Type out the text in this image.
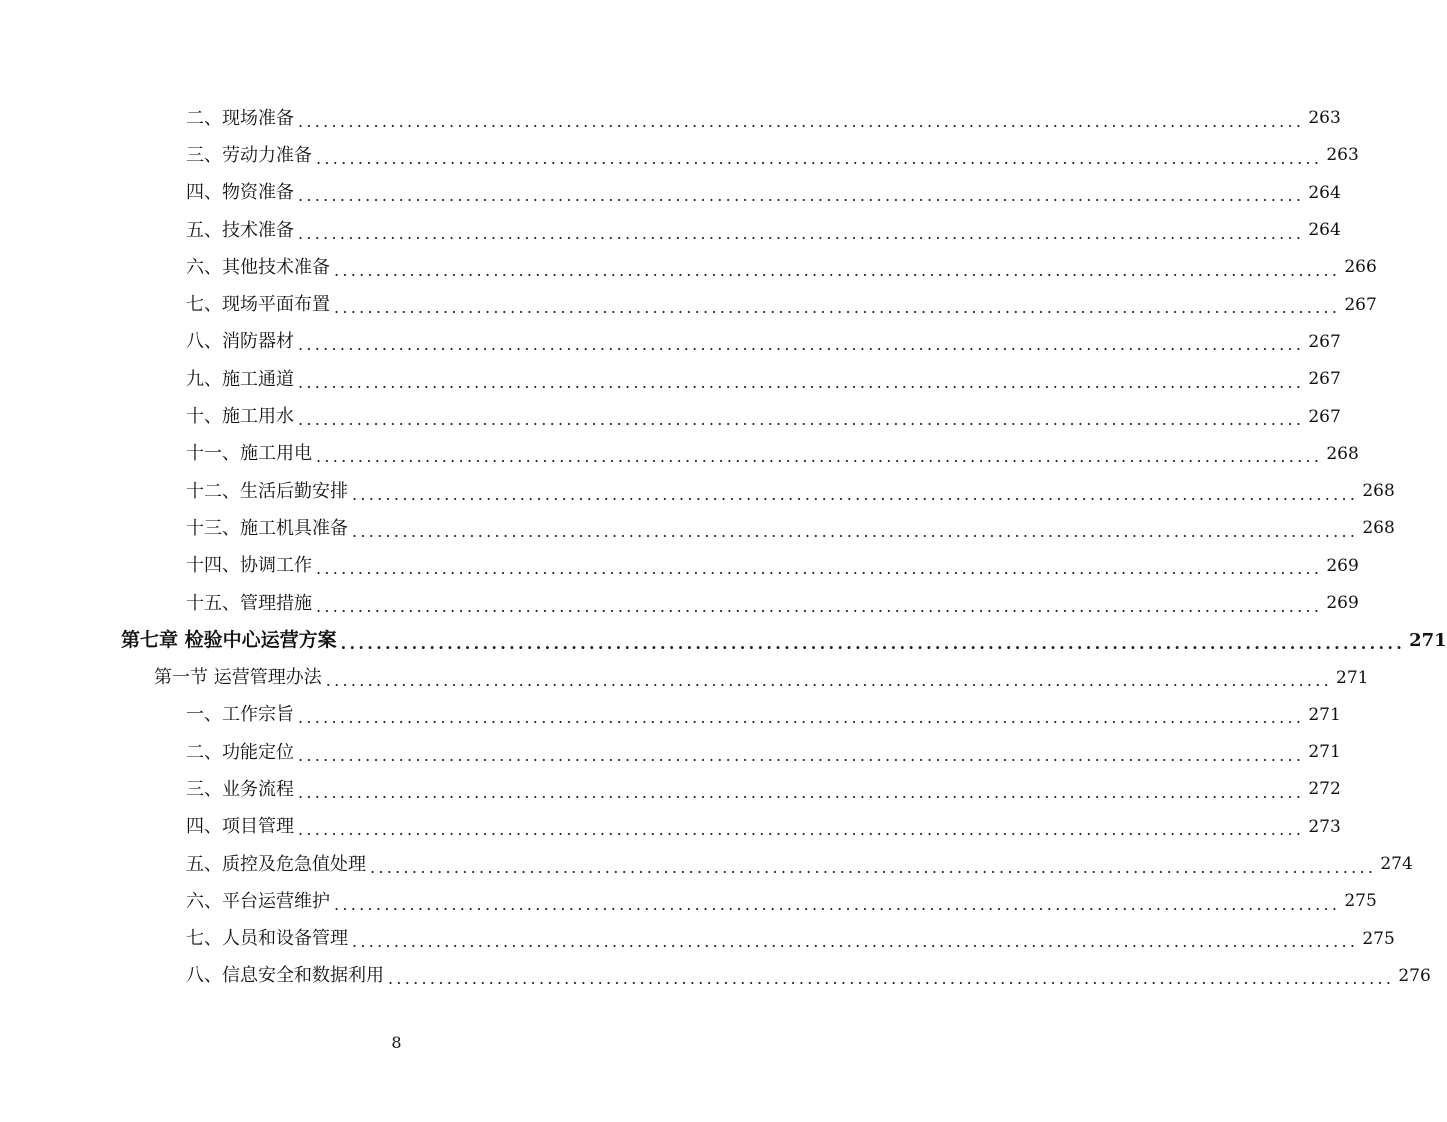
二、现场准备 ........................................................................................................................ 263
三、劳动力准备 ........................................................................................................................ 263
四、物资准备 ........................................................................................................................ 264
五、技术准备 ........................................................................................................................ 264
六、其他技术准备 ........................................................................................................................ 266
七、现场平面布置 ........................................................................................................................ 267
八、消防器材 ........................................................................................................................ 267
九、施工通道 ........................................................................................................................ 267
十、施工用水 ........................................................................................................................ 267
十一、施工用电 ........................................................................................................................ 268
十二、生活后勤安排 ........................................................................................................................ 268
十三、施工机具准备 ........................................................................................................................ 268
十四、协调工作 ........................................................................................................................ 269
十五、管理措施 ........................................................................................................................ 269
第七章 检验中心运营方案 ........................................................................................................................ 271
第一节 运营管理办法 ........................................................................................................................ 271
一、工作宗旨 ........................................................................................................................ 271
二、功能定位 ........................................................................................................................ 271
三、业务流程 ........................................................................................................................ 272
四、项目管理 ........................................................................................................................ 273
五、质控及危急值处理 ........................................................................................................................ 274
六、平台运营维护 ........................................................................................................................ 275
七、人员和设备管理 ........................................................................................................................ 275
八、信息安全和数据利用 ........................................................................................................................ 276
8
